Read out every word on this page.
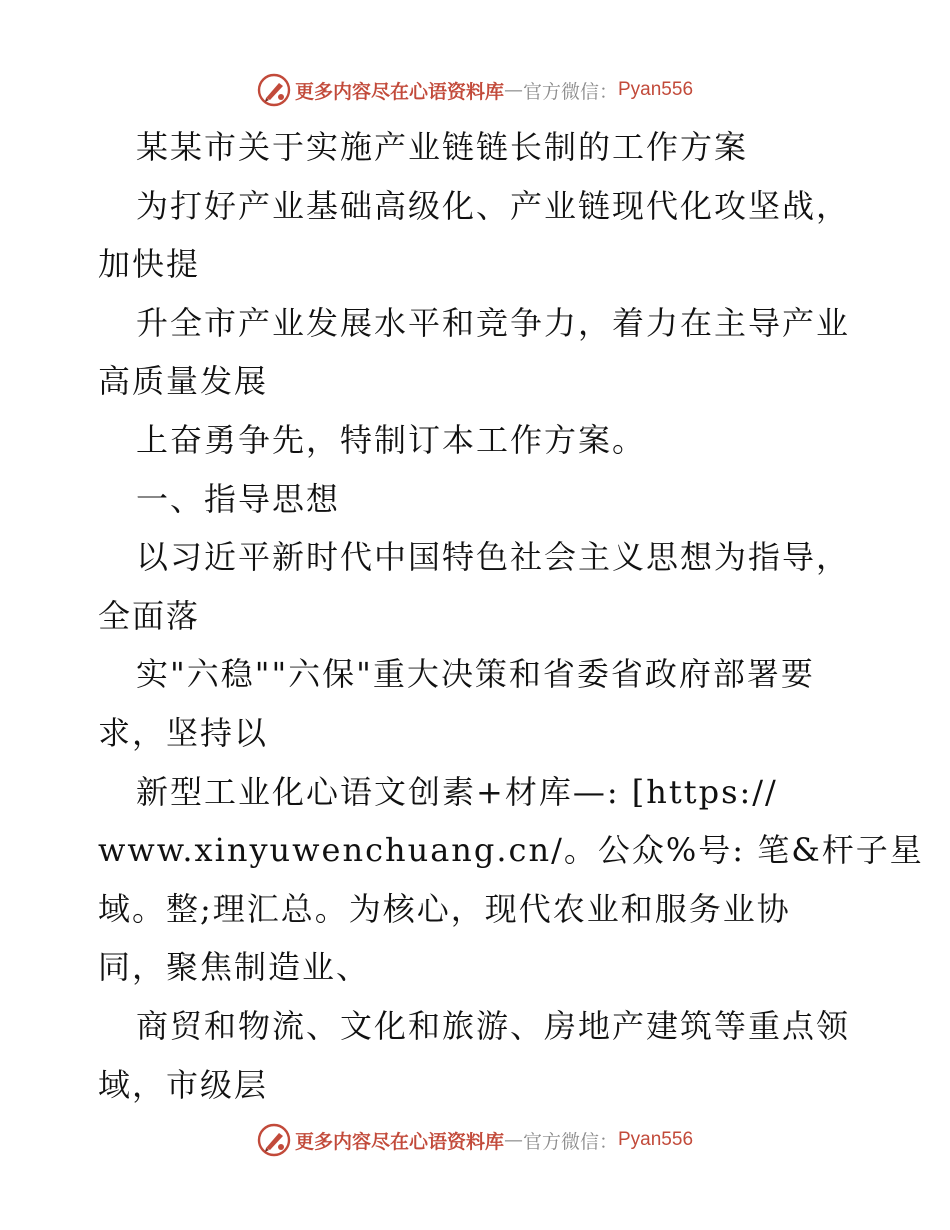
更多内容尽在心语资料库 — 官方微信： Pyan556
某某市关于实施产业链链长制的工作方案
为打好产业基础高级化、产业链现代化攻坚战，
加快提
升全市产业发展水平和竞争力，着力在主导产业
高质量发展
上奋勇争先，特制订本工作方案。
一、指导思想
以习近平新时代中国特色社会主义思想为指导，
全面落
实"六稳""六保"重大决策和省委省政府部署要
求，坚持以
新型工业化心语文创素+材库—: [https://
www.xinyuwenchuang.cn/。公众%号: 笔&杆子星
域。整;理汇总。为核心，现代农业和服务业协
同，聚焦制造业、
商贸和物流、文化和旅游、房地产建筑等重点领
域，市级层
更多内容尽在心语资料库 — 官方微信： Pyan556
